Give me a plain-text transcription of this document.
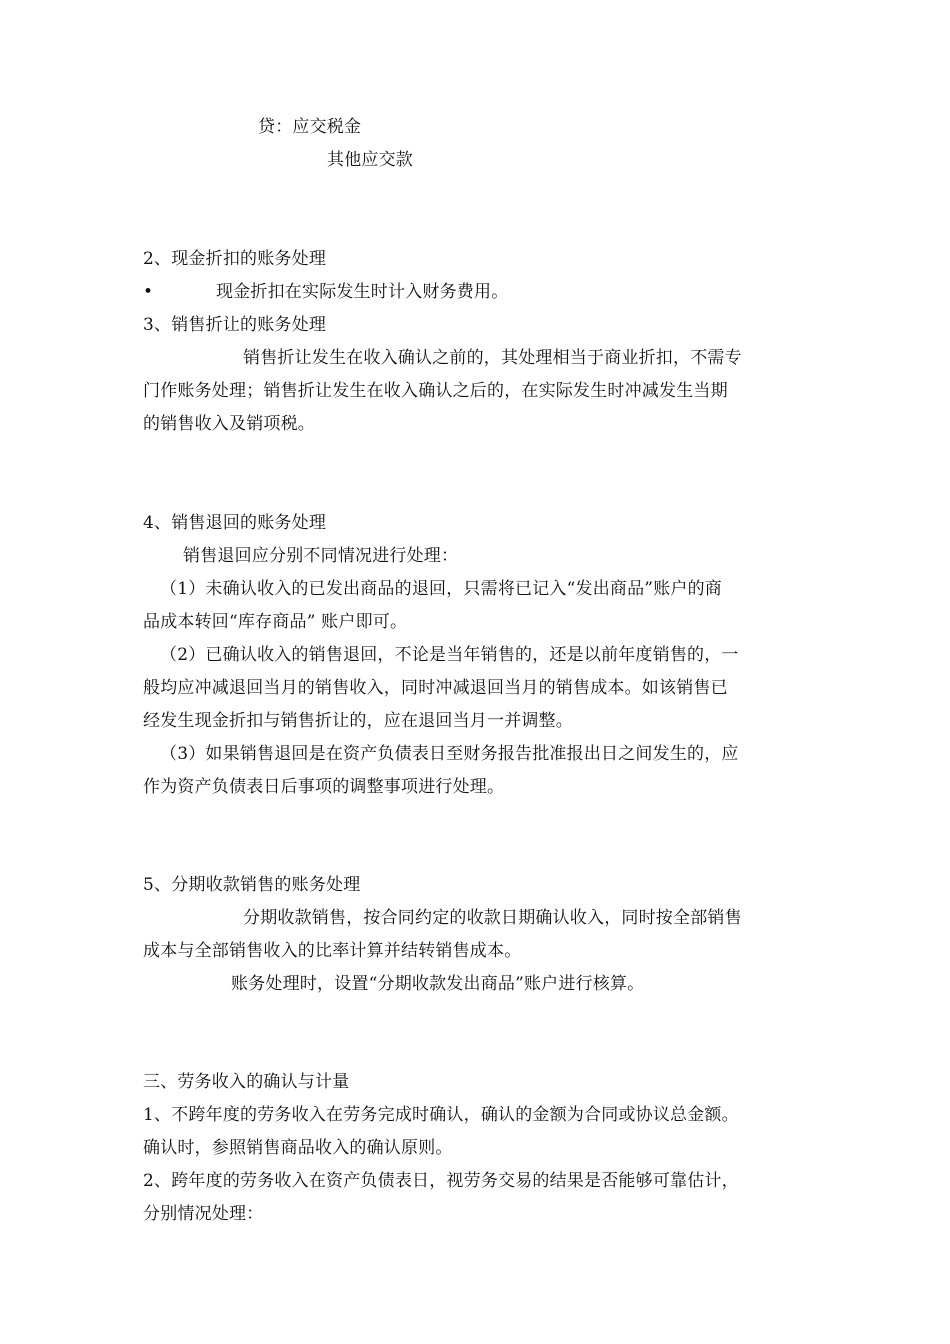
贷：应交税金
其他应交款
2、现金折扣的账务处理
•	现金折扣在实际发生时计入财务费用。
3、销售折让的账务处理
销售折让发生在收入确认之前的，其处理相当于商业折扣，不需专
门作账务处理；销售折让发生在收入确认之后的，在实际发生时冲减发生当期
的销售收入及销项税。
4、销售退回的账务处理
销售退回应分别不同情况进行处理：
（1）未确认收入的已发出商品的退回，只需将已记入“发出商品”账户的商
品成本转回“库存商品” 账户即可。
（2）已确认收入的销售退回，不论是当年销售的，还是以前年度销售的，一
般均应冲减退回当月的销售收入，同时冲减退回当月的销售成本。如该销售已
经发生现金折扣与销售折让的，应在退回当月一并调整。
（3）如果销售退回是在资产负债表日至财务报告批准报出日之间发生的，应
作为资产负债表日后事项的调整事项进行处理。
5、分期收款销售的账务处理
分期收款销售，按合同约定的收款日期确认收入，同时按全部销售
成本与全部销售收入的比率计算并结转销售成本。
账务处理时，设置“分期收款发出商品”账户进行核算。
三、劳务收入的确认与计量
1、不跨年度的劳务收入在劳务完成时确认，确认的金额为合同或协议总金额。
确认时，参照销售商品收入的确认原则。
2、跨年度的劳务收入在资产负债表日，视劳务交易的结果是否能够可靠估计，
分别情况处理：
